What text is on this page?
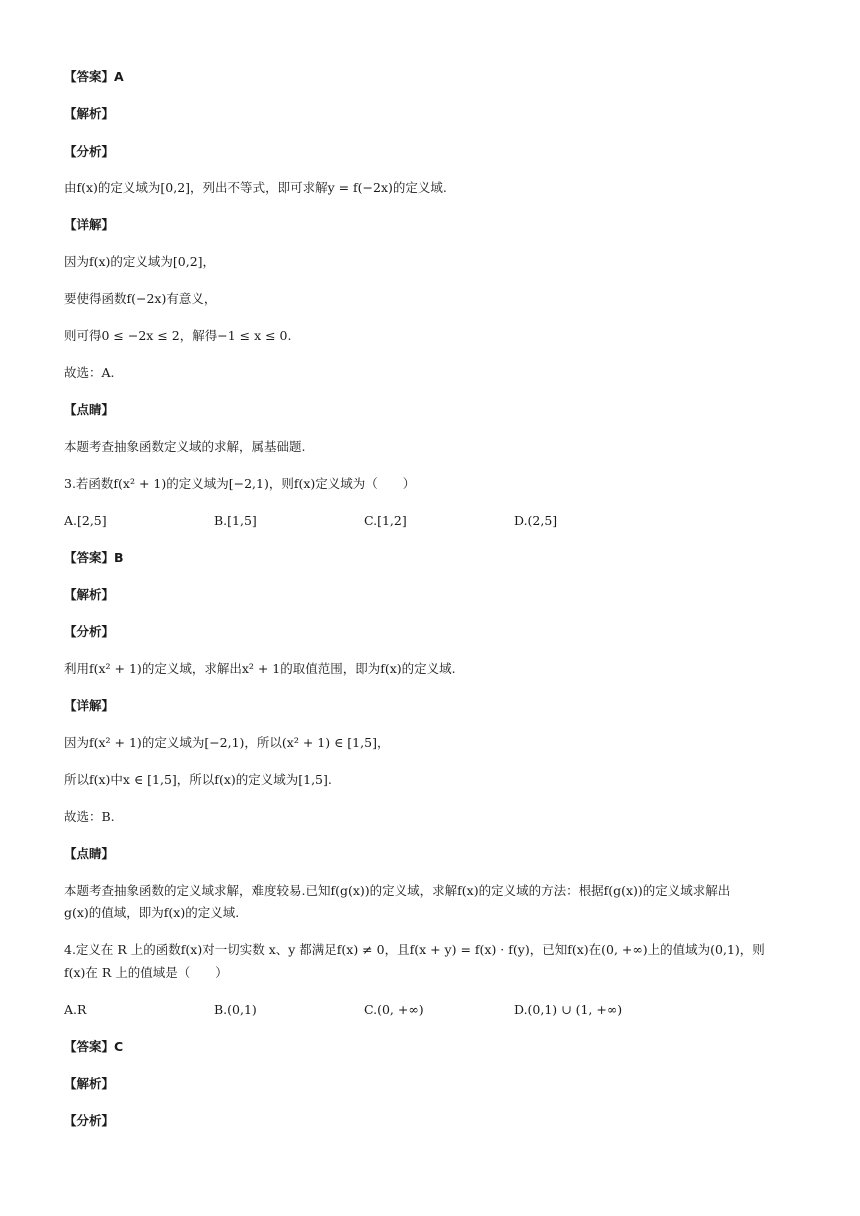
【答案】A
【解析】
【分析】
由f(x)的定义域为[0,2]，列出不等式，即可求解y = f(−2x)的定义域.
【详解】
因为f(x)的定义域为[0,2]，
要使得函数f(−2x)有意义，
则可得0 ≤ −2x ≤ 2，解得−1 ≤ x ≤ 0.
故选：A.
【点睛】
本题考查抽象函数定义域的求解，属基础题.
3.若函数f(x² + 1)的定义域为[−2,1)，则f(x)定义域为（　　）
A.[2,5]	B.[1,5]	C.[1,2]	D.(2,5]
【答案】B
【解析】
【分析】
利用f(x² + 1)的定义域，求解出x² + 1的取值范围，即为f(x)的定义域.
【详解】
因为f(x² + 1)的定义域为[−2,1)，所以(x² + 1) ∈ [1,5]，
所以f(x)中x ∈ [1,5]，所以f(x)的定义域为[1,5].
故选：B.
【点睛】
本题考查抽象函数的定义域求解，难度较易.已知f(g(x))的定义域，求解f(x)的定义域的方法：根据f(g(x))的定义域求解出
g(x)的值域，即为f(x)的定义域.
4.定义在 R 上的函数f(x)对一切实数 x、y 都满足f(x) ≠ 0，且f(x + y) = f(x) · f(y)，已知f(x)在(0, +∞)上的值域为(0,1)，则
f(x)在 R 上的值域是（　　）
A.R	B.(0,1)	C.(0, +∞)	D.(0,1) ∪ (1, +∞)
【答案】C
【解析】
【分析】
